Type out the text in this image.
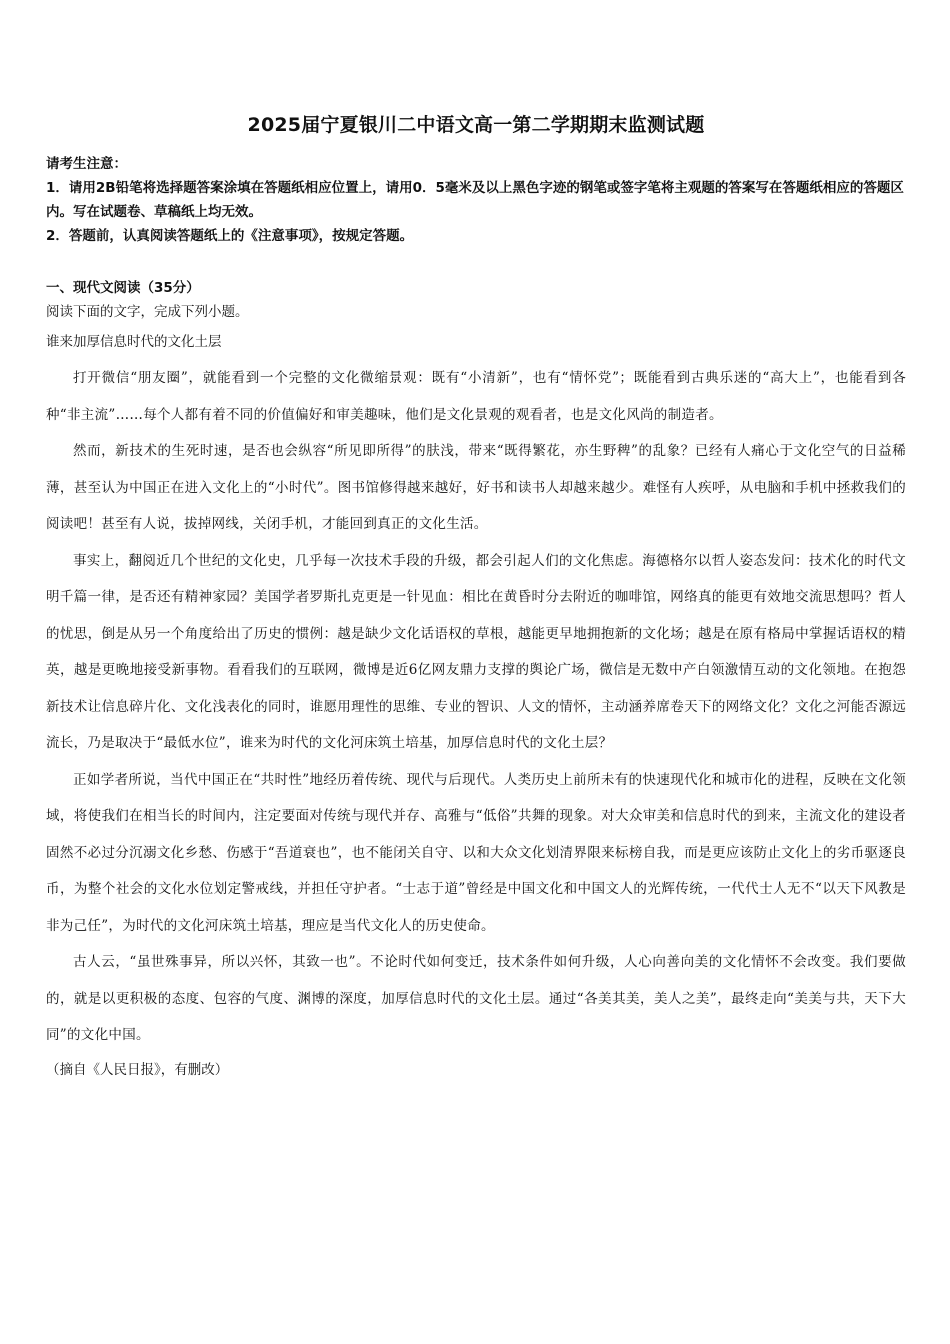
2025届宁夏银川二中语文高一第二学期期末监测试题

请考生注意：

1．请用2B铅笔将选择题答案涂填在答题纸相应位置上，请用0．5毫米及以上黑色字迹的钢笔或签字笔将主观题的答案写在答题纸相应的答题区内。写在试题卷、草稿纸上均无效。

2．答题前，认真阅读答题纸上的《注意事项》，按规定答题。

一、现代文阅读（35分）

阅读下面的文字，完成下列小题。

谁来加厚信息时代的文化土层

打开微信“朋友圈”，就能看到一个完整的文化微缩景观：既有“小清新”，也有“情怀党”；既能看到古典乐迷的“高大上”，也能看到各种“非主流”……每个人都有着不同的价值偏好和审美趣味，他们是文化景观的观看者，也是文化风尚的制造者。

然而，新技术的生死时速，是否也会纵容“所见即所得”的肤浅，带来“既得繁花，亦生野稗”的乱象？已经有人痛心于文化空气的日益稀薄，甚至认为中国正在进入文化上的“小时代”。图书馆修得越来越好，好书和读书人却越来越少。难怪有人疾呼，从电脑和手机中拯救我们的阅读吧！甚至有人说，拔掉网线，关闭手机，才能回到真正的文化生活。

事实上，翻阅近几个世纪的文化史，几乎每一次技术手段的升级，都会引起人们的文化焦虑。海德格尔以哲人姿态发问：技术化的时代文明千篇一律，是否还有精神家园？美国学者罗斯扎克更是一针见血：相比在黄昏时分去附近的咖啡馆，网络真的能更有效地交流思想吗？哲人的忧思，倒是从另一个角度给出了历史的惯例：越是缺少文化话语权的草根，越能更早地拥抱新的文化场；越是在原有格局中掌握话语权的精英，越是更晚地接受新事物。看看我们的互联网，微博是近6亿网友鼎力支撑的舆论广场，微信是无数中产白领激情互动的文化领地。在抱怨新技术让信息碎片化、文化浅表化的同时，谁愿用理性的思维、专业的智识、人文的情怀，主动涵养席卷天下的网络文化？文化之河能否源远流长，乃是取决于“最低水位”，谁来为时代的文化河床筑土培基，加厚信息时代的文化土层？

正如学者所说，当代中国正在“共时性”地经历着传统、现代与后现代。人类历史上前所未有的快速现代化和城市化的进程，反映在文化领域，将使我们在相当长的时间内，注定要面对传统与现代并存、高雅与“低俗”共舞的现象。对大众审美和信息时代的到来，主流文化的建设者固然不必过分沉溺文化乡愁、伤感于“吾道衰也”，也不能闭关自守、以和大众文化划清界限来标榜自我，而是更应该防止文化上的劣币驱逐良币，为整个社会的文化水位划定警戒线，并担任守护者。“士志于道”曾经是中国文化和中国文人的光辉传统，一代代士人无不“以天下风教是非为己任”，为时代的文化河床筑土培基，理应是当代文化人的历史使命。

古人云，“虽世殊事异，所以兴怀，其致一也”。不论时代如何变迁，技术条件如何升级，人心向善向美的文化情怀不会改变。我们要做的，就是以更积极的态度、包容的气度、渊博的深度，加厚信息时代的文化土层。通过“各美其美，美人之美”，最终走向“美美与共，天下大同”的文化中国。

（摘自《人民日报》，有删改）
